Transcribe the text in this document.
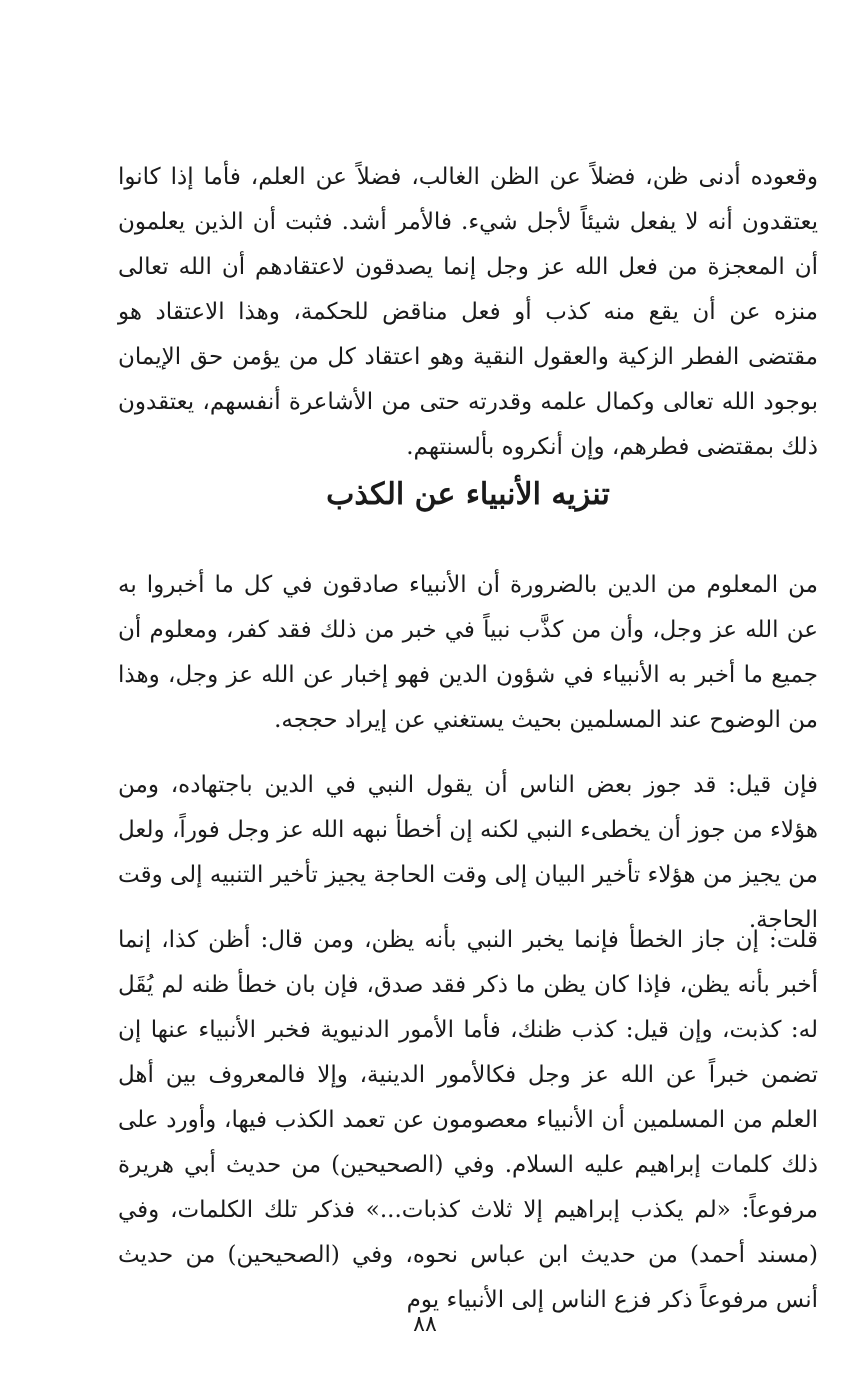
وقعوده أدنى ظن، فضلاً عن الظن الغالب، فضلاً عن العلم، فأما إذا كانوا يعتقدون أنه لا يفعل شيئاً لأجل شيء. فالأمر أشد. فثبت أن الذين يعلمون أن المعجزة من فعل الله عز وجل إنما يصدقون لاعتقادهم أن الله تعالى منزه عن أن يقع منه كذب أو فعل مناقض للحكمة، وهذا الاعتقاد هو مقتضى الفطر الزكية والعقول النقية وهو اعتقاد كل من يؤمن حق الإيمان بوجود الله تعالى وكمال علمه وقدرته حتى من الأشاعرة أنفسهم، يعتقدون ذلك بمقتضى فطرهم، وإن أنكروه بألسنتهم.

تنزيه الأنبياء عن الكذب

من المعلوم من الدين بالضرورة أن الأنبياء صادقون في كل ما أخبروا به عن الله عز وجل، وأن من كذَّب نبياً في خبر من ذلك فقد كفر، ومعلوم أن جميع ما أخبر به الأنبياء في شؤون الدين فهو إخبار عن الله عز وجل، وهذا من الوضوح عند المسلمين بحيث يستغني عن إيراد حججه.

فإن قيل: قد جوز بعض الناس أن يقول النبي في الدين باجتهاده، ومن هؤلاء من جوز أن يخطىء النبي لكنه إن أخطأ نبهه الله عز وجل فوراً، ولعل من يجيز من هؤلاء تأخير البيان إلى وقت الحاجة يجيز تأخير التنبيه إلى وقت الحاجة.

قلت: إن جاز الخطأ فإنما يخبر النبي بأنه يظن، ومن قال: أظن كذا، إنما أخبر بأنه يظن، فإذا كان يظن ما ذكر فقد صدق، فإن بان خطأ ظنه لم يُقَل له: كذبت، وإن قيل: كذب ظنك، فأما الأمور الدنيوية فخبر الأنبياء عنها إن تضمن خبراً عن الله عز وجل فكالأمور الدينية، وإلا فالمعروف بين أهل العلم من المسلمين أن الأنبياء معصومون عن تعمد الكذب فيها، وأورد على ذلك كلمات إبراهيم عليه السلام. وفي (الصحيحين) من حديث أبي هريرة مرفوعاً: «لم يكذب إبراهيم إلا ثلاث كذبات...» فذكر تلك الكلمات، وفي (مسند أحمد) من حديث ابن عباس نحوه، وفي (الصحيحين) من حديث أنس مرفوعاً ذكر فزع الناس إلى الأنبياء يوم

٨٨
